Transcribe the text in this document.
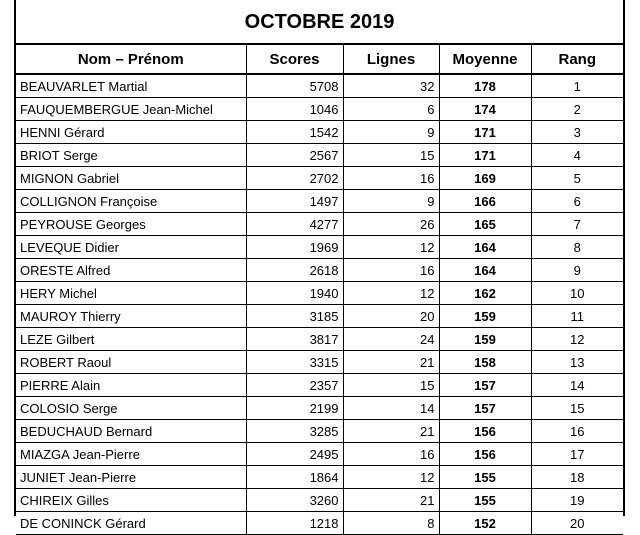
OCTOBRE 2019
Nom – Prénom	Scores	Lignes	Moyenne	Rang
BEAUVARLET Martial	5708	32	178	1
FAUQUEMBERGUE Jean-Michel	1046	6	174	2
HENNI Gérard	1542	9	171	3
BRIOT Serge	2567	15	171	4
MIGNON Gabriel	2702	16	169	5
COLLIGNON Françoise	1497	9	166	6
PEYROUSE Georges	4277	26	165	7
LEVEQUE Didier	1969	12	164	8
ORESTE Alfred	2618	16	164	9
HERY Michel	1940	12	162	10
MAUROY Thierry	3185	20	159	11
LEZE Gilbert	3817	24	159	12
ROBERT Raoul	3315	21	158	13
PIERRE Alain	2357	15	157	14
COLOSIO Serge	2199	14	157	15
BEDUCHAUD Bernard	3285	21	156	16
MIAZGA Jean-Pierre	2495	16	156	17
JUNIET Jean-Pierre	1864	12	155	18
CHIREIX Gilles	3260	21	155	19
DE CONINCK Gérard	1218	8	152	20
